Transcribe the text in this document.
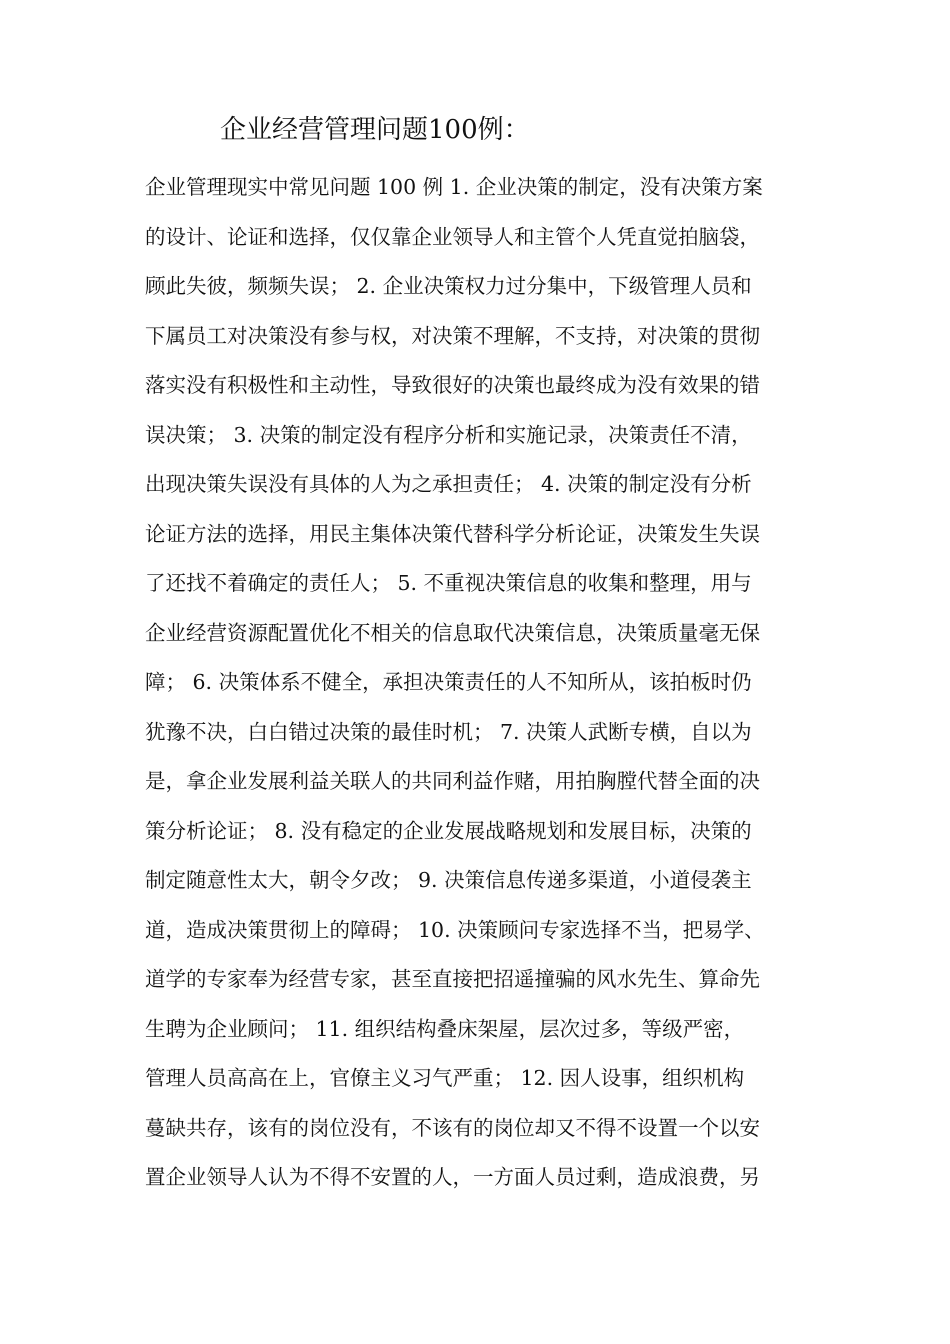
企业经营管理问题100例：
企业管理现实中常见问题 100 例 1. 企业决策的制定，没有决策方案
的设计、论证和选择，仅仅靠企业领导人和主管个人凭直觉拍脑袋，
顾此失彼，频频失误； 2. 企业决策权力过分集中，下级管理人员和
下属员工对决策没有参与权，对决策不理解，不支持，对决策的贯彻
落实没有积极性和主动性，导致很好的决策也最终成为没有效果的错
误决策； 3. 决策的制定没有程序分析和实施记录，决策责任不清，
出现决策失误没有具体的人为之承担责任； 4. 决策的制定没有分析
论证方法的选择，用民主集体决策代替科学分析论证，决策发生失误
了还找不着确定的责任人； 5. 不重视决策信息的收集和整理，用与
企业经营资源配置优化不相关的信息取代决策信息，决策质量毫无保
障； 6. 决策体系不健全，承担决策责任的人不知所从，该拍板时仍
犹豫不决，白白错过决策的最佳时机； 7. 决策人武断专横，自以为
是，拿企业发展利益关联人的共同利益作赌，用拍胸膛代替全面的决
策分析论证； 8. 没有稳定的企业发展战略规划和发展目标，决策的
制定随意性太大，朝令夕改； 9. 决策信息传递多渠道，小道侵袭主
道，造成决策贯彻上的障碍； 10. 决策顾问专家选择不当，把易学、
道学的专家奉为经营专家，甚至直接把招遥撞骗的风水先生、算命先
生聘为企业顾问； 11. 组织结构叠床架屋，层次过多，等级严密，
管理人员高高在上，官僚主义习气严重； 12. 因人设事，组织机构
蔓缺共存，该有的岗位没有，不该有的岗位却又不得不设置一个以安
置企业领导人认为不得不安置的人，一方面人员过剩，造成浪费，另
